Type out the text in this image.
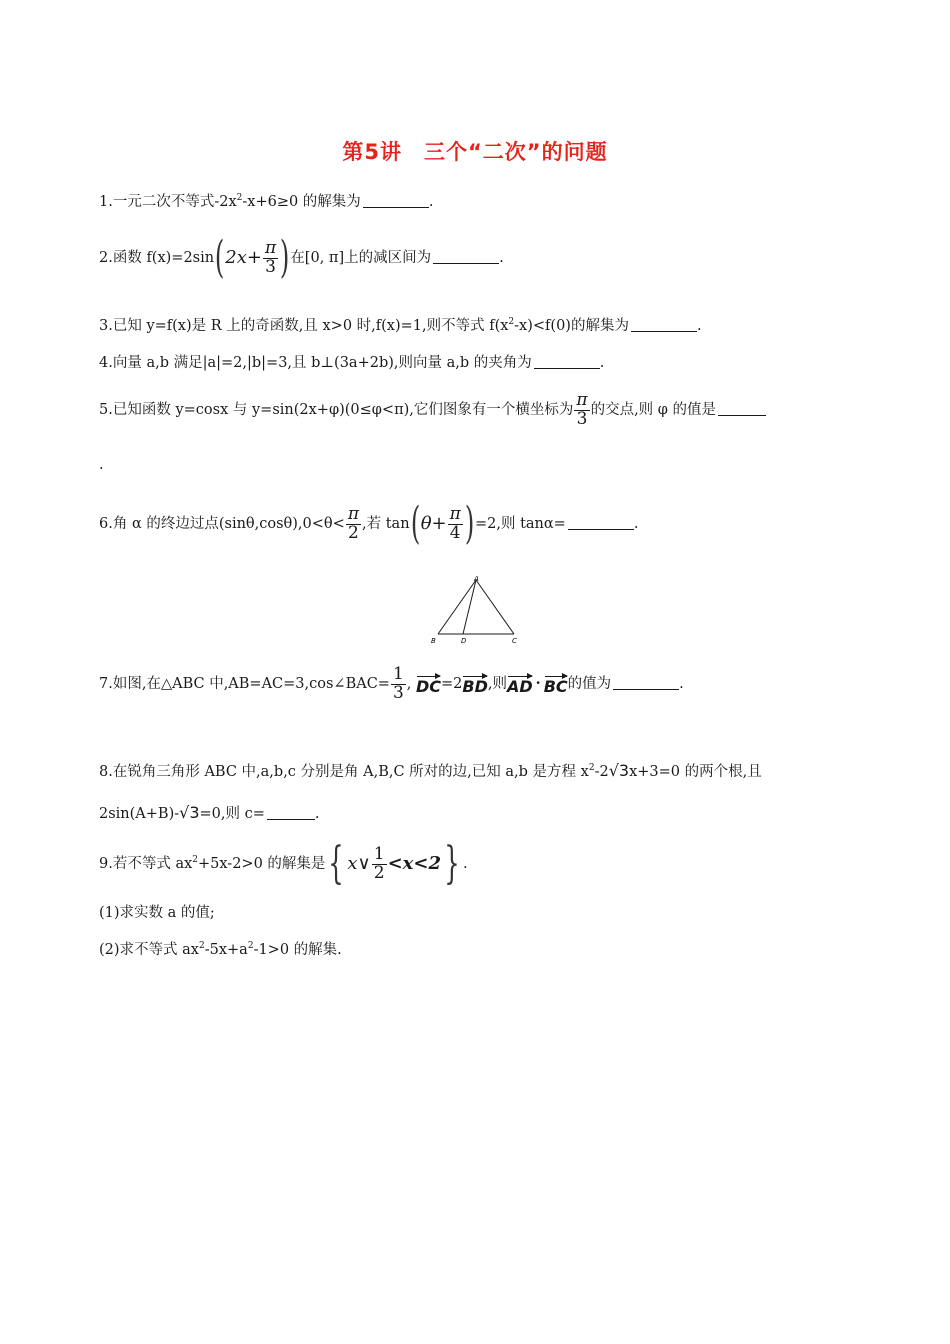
第5讲　三个“二次”的问题
1.一元二次不等式$-2x^2-x+6\ge 0$ 的解集为	.
2.函数 $f(x)=2\sin(2x+ \frac{\pi}{3}$ )在[0, π]上的减区间为	.
3.已知 y=f(x)是 R 上的奇函数,且 x>0 时,f(x)=1,则不等式 $f(x^2-x)<f(0)$的解集为	.
4.向量 a,b 满足|a|=2,|b|=3,且 b⊥(3a+2b),则向量 a,b 的夹角为	.
5.已知函数 y=cosx 与 y=sin(2x+φ)(0≤φ<π),它们图象有一个横坐标为 $\frac{\pi}{3}$ 的交点,则 φ 的值是
.
6.角 α 的终边过点$(\sin\theta,\cos\theta),0<\theta< \frac{\pi}{2}$ ,若 $\tan(\theta+ \frac{\pi}{4} )=2$,则 tanα=	.
A
B	D	C
7.如图,在△ABC 中,AB=AC=3,cos∠BAC= $\frac{1}{3}$ , DC=2BD,则AD · BC的值为	.
8.在锐角三角形 ABC 中,a,b,c 分别是角 A,B,C 所对的边,已知 a,b 是方程 $x^2-2√3x+3=0$ 的两个根,且
2sin(A+B)-√3=0,则 c=	.
9.若不等式 $ax^2+5x-2>0$ 的解集是{ x∨ $\frac{1}{2} <x<2$} .
(1)求实数 a 的值;
(2)求不等式 $ax^2-5x+a^2-1>0$ 的解集.
